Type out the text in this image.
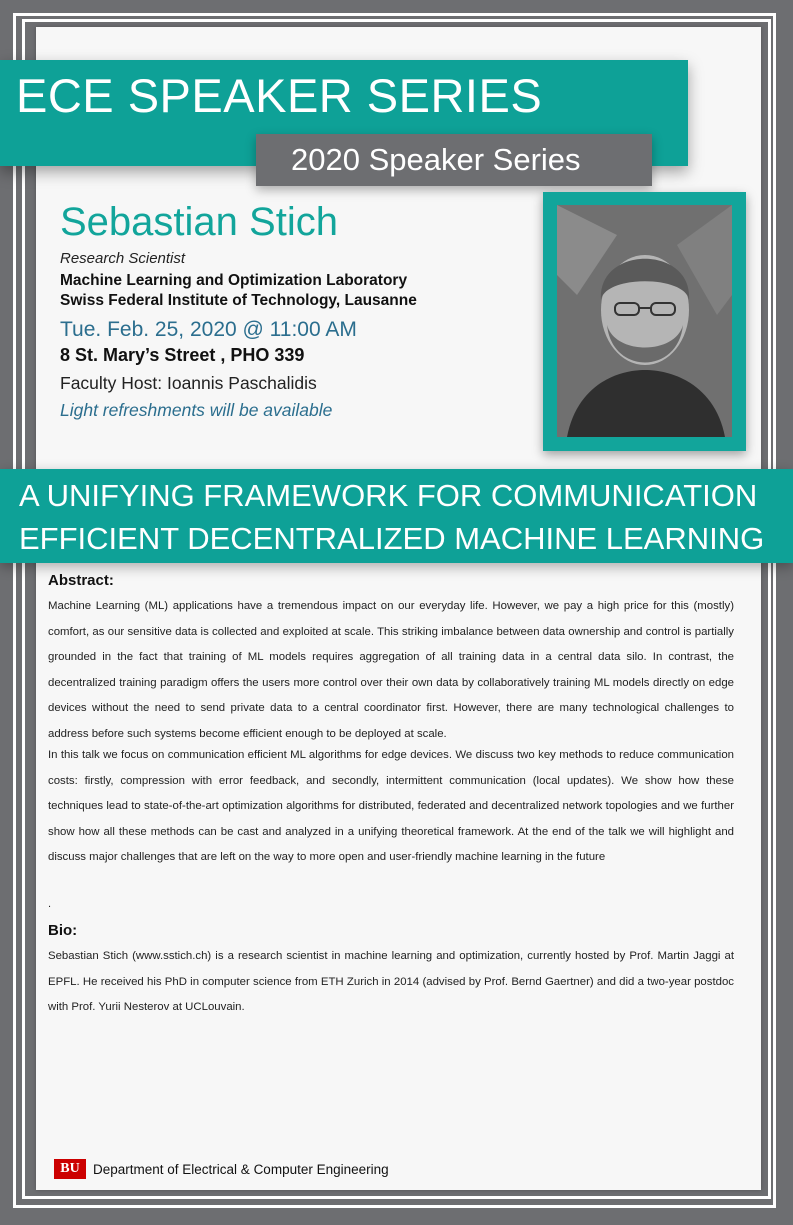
ECE SPEAKER SERIES
2020 Speaker Series
Sebastian Stich
Research Scientist
Machine Learning and Optimization Laboratory
Swiss Federal Institute of Technology, Lausanne
Tue. Feb. 25, 2020 @ 11:00 AM
8 St. Mary’s Street , PHO 339
Faculty Host: Ioannis Paschalidis
Light refreshments will be available
A UNIFYING FRAMEWORK FOR COMMUNICATION
EFFICIENT DECENTRALIZED MACHINE LEARNING
Abstract:
Machine Learning (ML) applications have a tremendous impact on our everyday life. However, we pay a high price for this (mostly) comfort, as our sensitive data is collected and exploited at scale. This striking imbalance between data ownership and control is partially grounded in the fact that training of ML models requires aggregation of all training data in a central data silo. In contrast, the decentralized training paradigm offers the users more control over their own data by collaboratively training ML models directly on edge devices without the need to send private data to a central coordinator first. However, there are many technological challenges to address before such systems become efficient enough to be deployed at scale.
In this talk we focus on communication efficient ML algorithms for edge devices. We discuss two key methods to reduce communication costs: firstly, compression with error feedback, and secondly, intermittent communication (local updates). We show how these techniques lead to state-of-the-art optimization algorithms for distributed, federated and decentralized network topologies and we further show how all these methods can be cast and analyzed in a unifying theoretical framework. At the end of the talk we will highlight and discuss major challenges that are left on the way to more open and user-friendly machine learning in the future
.
Bio:
Sebastian Stich (www.sstich.ch) is a research scientist in machine learning and optimization, currently hosted by Prof. Martin Jaggi at EPFL. He received his PhD in computer science from ETH Zurich in 2014 (advised by Prof. Bernd Gaertner) and did a two-year postdoc with Prof. Yurii Nesterov at UCLouvain.
BU Department of Electrical & Computer Engineering
